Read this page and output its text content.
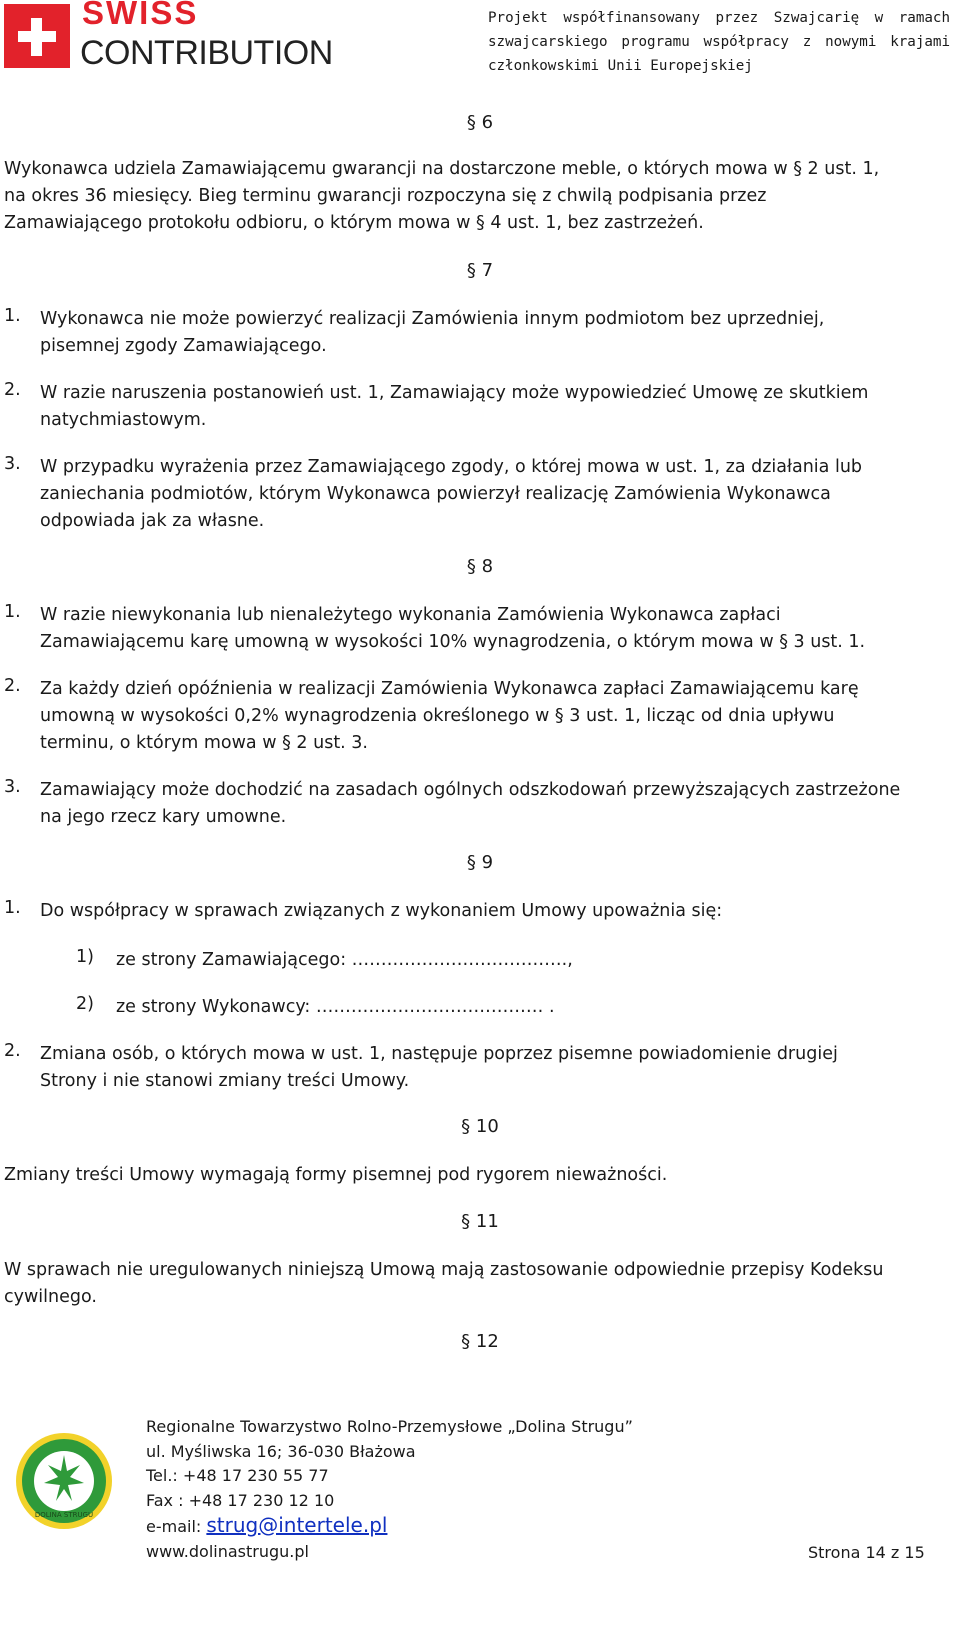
SWISS
CONTRIBUTION
Projekt współfinansowany przez Szwajcarię w ramach
szwajcarskiego programu współpracy z nowymi krajami
członkowskimi Unii Europejskiej
§ 6
Wykonawca udziela Zamawiającemu gwarancji na dostarczone meble, o których mowa w § 2 ust. 1,
na okres 36 miesięcy. Bieg terminu gwarancji rozpoczyna się z chwilą podpisania przez
Zamawiającego protokołu odbioru, o którym mowa w § 4 ust. 1, bez zastrzeżeń.
§ 7
1. Wykonawca nie może powierzyć realizacji Zamówienia innym podmiotom bez uprzedniej,
pisemnej zgody Zamawiającego.
2. W razie naruszenia postanowień ust. 1, Zamawiający może wypowiedzieć Umowę ze skutkiem
natychmiastowym.
3. W przypadku wyrażenia przez Zamawiającego zgody, o której mowa w ust. 1, za działania lub
zaniechania podmiotów, którym Wykonawca powierzył realizację Zamówienia Wykonawca
odpowiada jak za własne.
§ 8
1. W razie niewykonania lub nienależytego wykonania Zamówienia Wykonawca zapłaci
Zamawiającemu karę umowną w wysokości 10% wynagrodzenia, o którym mowa w § 3 ust. 1.
2. Za każdy dzień opóźnienia w realizacji Zamówienia Wykonawca zapłaci Zamawiającemu karę
umowną w wysokości 0,2% wynagrodzenia określonego w § 3 ust. 1, licząc od dnia upływu
terminu, o którym mowa w § 2 ust. 3.
3. Zamawiający może dochodzić na zasadach ogólnych odszkodowań przewyższających zastrzeżone
na jego rzecz kary umowne.
§ 9
1. Do współpracy w sprawach związanych z wykonaniem Umowy upoważnia się:
1) ze strony Zamawiającego: ……………………………….,
2) ze strony Wykonawcy: ………………………………… .
2. Zmiana osób, o których mowa w ust. 1, następuje poprzez pisemne powiadomienie drugiej
Strony i nie stanowi zmiany treści Umowy.
§ 10
Zmiany treści Umowy wymagają formy pisemnej pod rygorem nieważności.
§ 11
W sprawach nie uregulowanych niniejszą Umową mają zastosowanie odpowiednie przepisy Kodeksu
cywilnego.
§ 12
DOLINA STRUGU
Regionalne Towarzystwo Rolno-Przemysłowe „Dolina Strugu”
ul. Myśliwska 16; 36-030 Błażowa
Tel.: +48 17 230 55 77
Fax : +48 17 230 12 10
e-mail: strug@intertele.pl
www.dolinastrugu.pl	Strona 14 z 15
